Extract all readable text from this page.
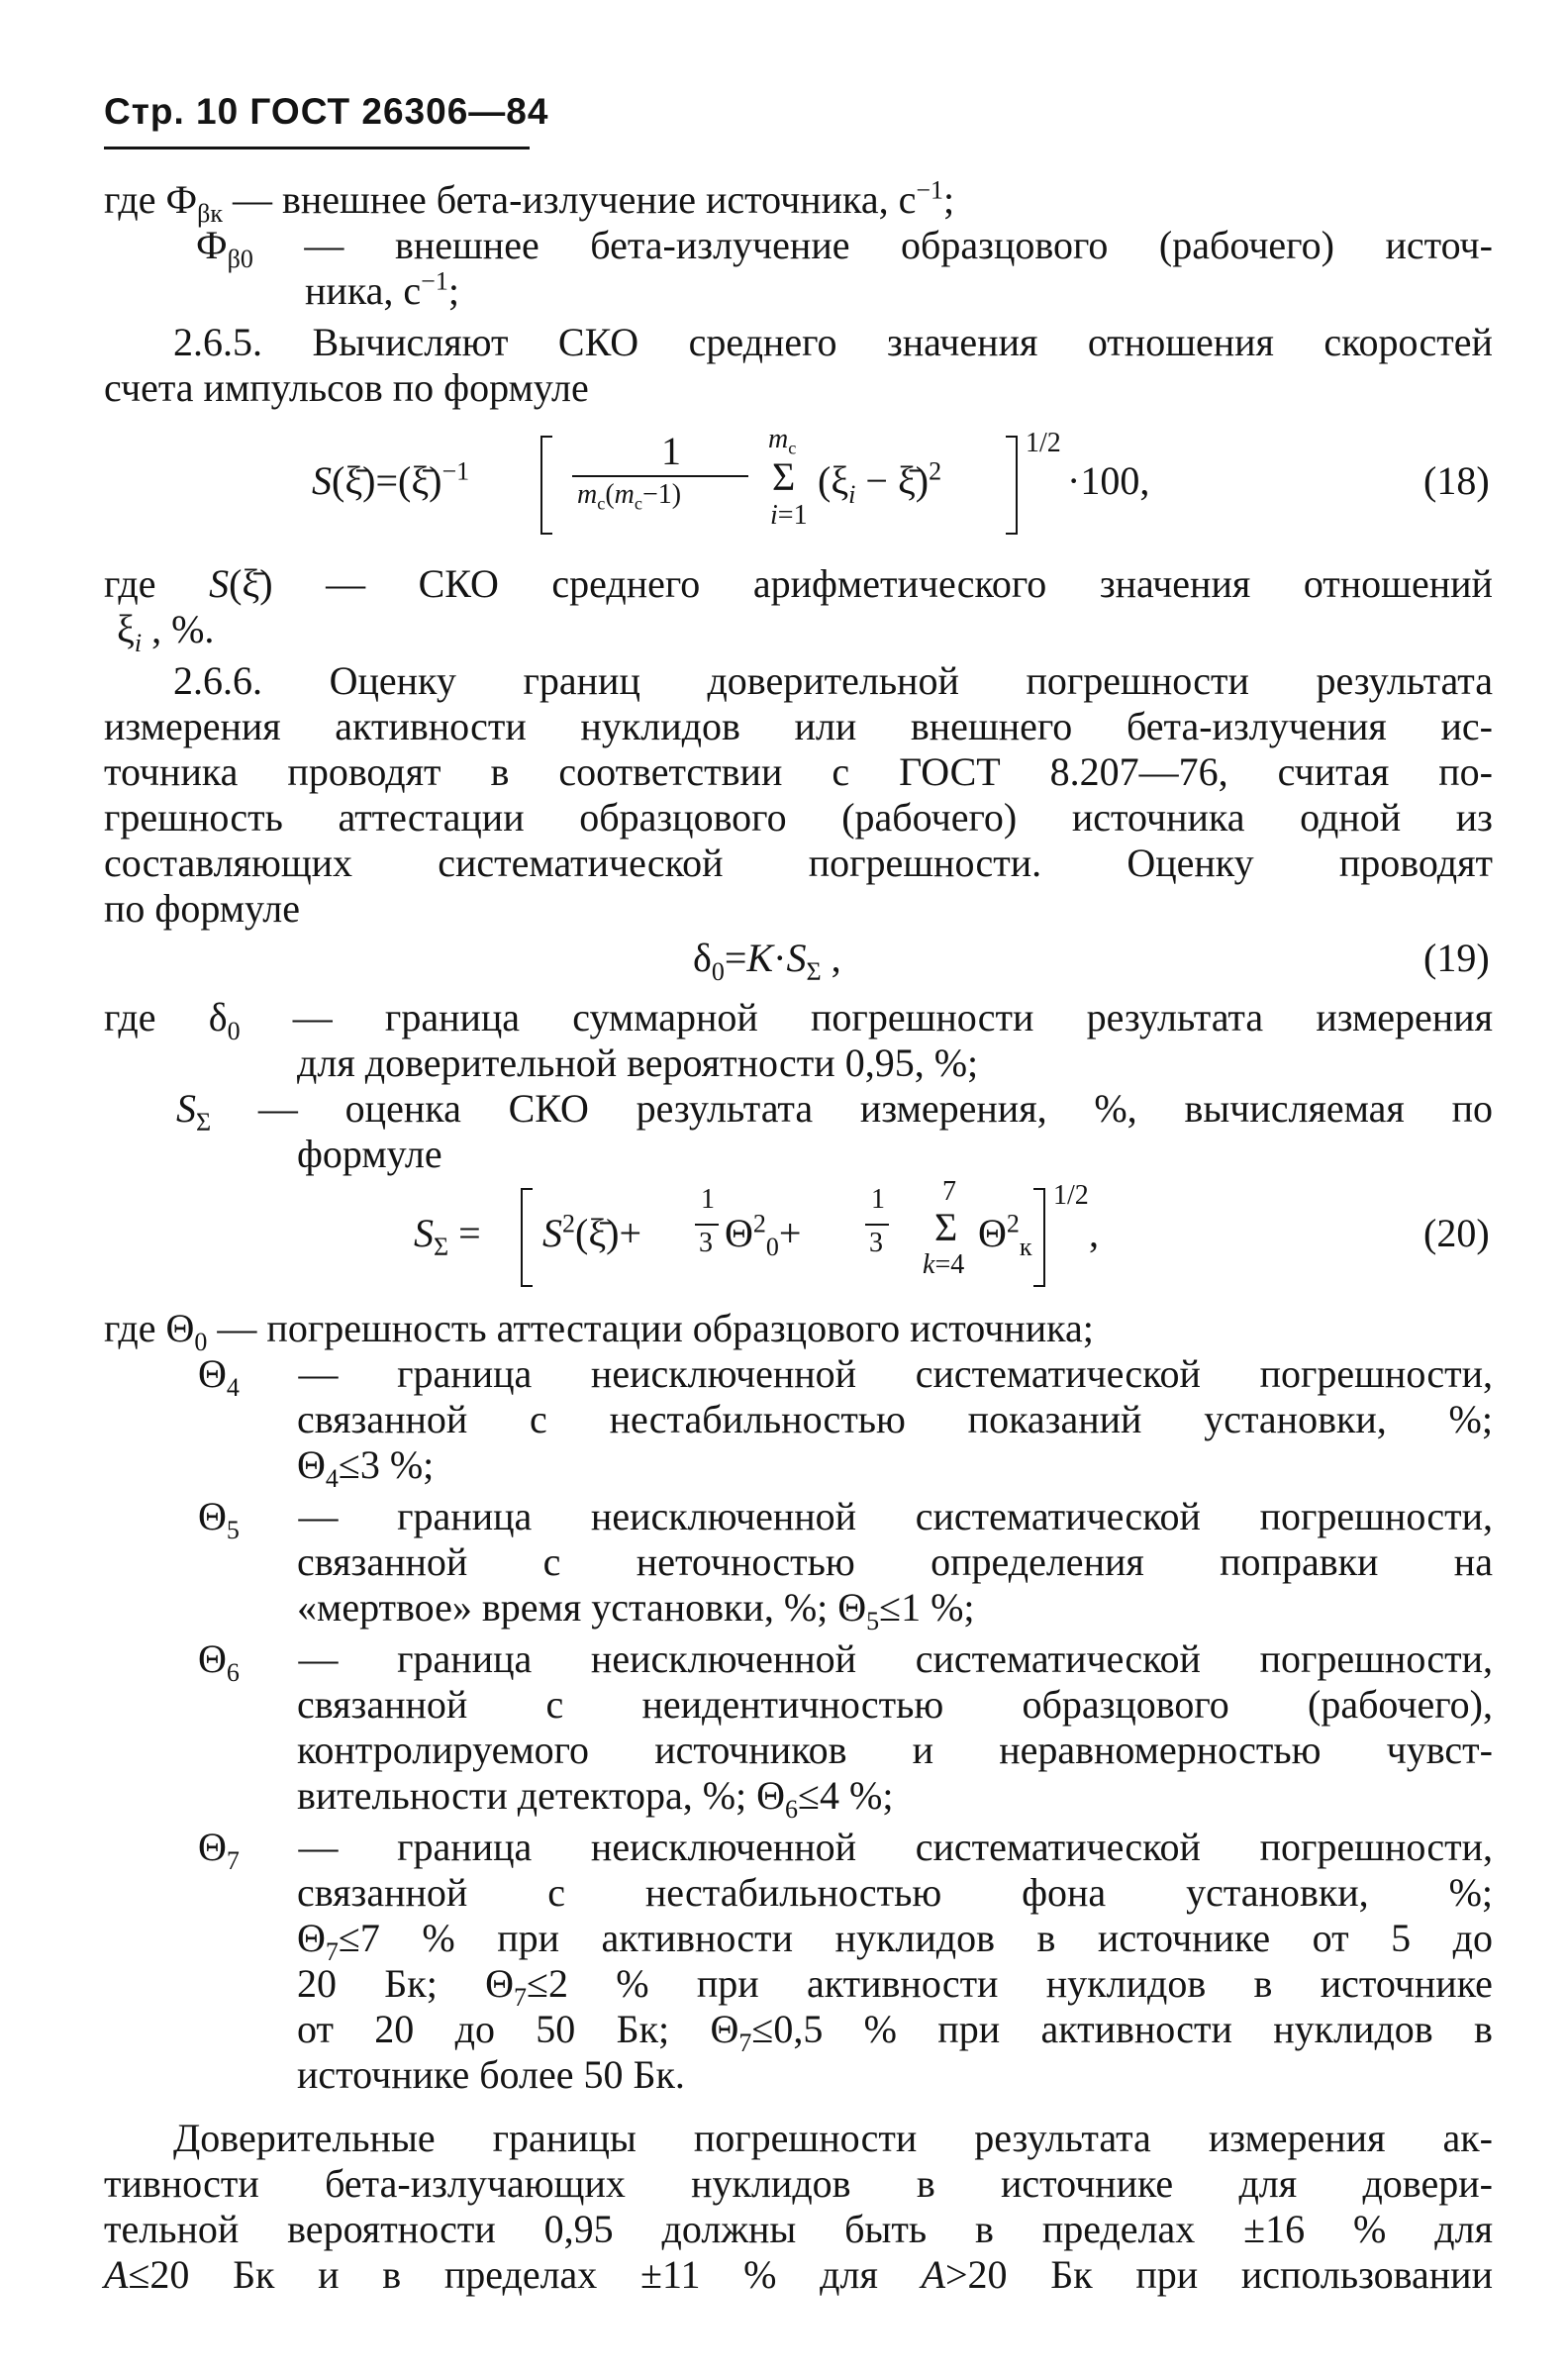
Стр. 10 ГОСТ 26306—84
где $Ф_{\beta к}$ — внешнее бета-излучение источника, $с^{-1}$;
$Ф_{\beta 0}$ — внешнее бета-излучение образцового (рабочего) источ-
ника, $с^{-1}$;
2.6.5. Вычисляют СКО среднего значения отношения скоростей
счета импульсов по формуле
S(ξ̄)=(ξ̄)$^{-1}$	1
$m_c(m_c-1)$
$m_c$
Σ
i=1
($\xi_i$ − ξ̄)$^2$
1/2
·100,	(18)
где S(ξ̄) — СКО среднего арифметического значения отношений
$\xi_i$ , %.
2.6.6. Оценку границ доверительной погрешности результата
измерения активности нуклидов или внешнего бета-излучения ис-
точника проводят в соответствии с ГОСТ 8.207—76, считая по-
грешность аттестации образцового (рабочего) источника одной из
составляющих систематической погрешности. Оценку проводят
по формуле
$\delta_0=K\cdot S_\Sigma$ ,	(19)
где $\delta_0$ — граница суммарной погрешности результата измерения
для доверительной вероятности 0,95, %;
$S_\Sigma$ — оценка СКО результата измерения, %, вычисляемая по
формуле
$S_\Sigma$ = $S^2(\xī)+$
1
3 $\Theta^2_0+$
1
3
7
Σ
k=4
$\Theta^2_к$
1/2
,	(20)
где $\Theta_0$ — погрешность аттестации образцового источника;
$\Theta_4$ — граница неисключенной систематической погрешности,
связанной с нестабильностью показаний установки, %;
$\Theta_4\le 3$ %;
$\Theta_5$ — граница неисключенной систематической погрешности,
связанной с неточностью определения поправки на
«мертвое» время установки, %; $\Theta_5\le 1$ %;
$\Theta_6$ — граница неисключенной систематической погрешности,
связанной с неидентичностью образцового (рабочего),
контролируемого источников и неравномерностью чувст-
вительности детектора, %; $\Theta_6\le 4$ %;
$\Theta_7$ — граница неисключенной систематической погрешности,
связанной с нестабильностью фона установки, %;
$\Theta_7\le 7$ % при активности нуклидов в источнике от 5 до
20 Бк; $\Theta_7\le 2$ % при активности нуклидов в источнике
от 20 до 50 Бк; $\Theta_7\le 0,5$ % при активности нуклидов в
источнике более 50 Бк.
Доверительные границы погрешности результата измерения ак-
тивности бета-излучающих нуклидов в источнике для довери-
тельной вероятности 0,95 должны быть в пределах ±16 % для
A≤20 Бк и в пределах ±11 % для A>20 Бк при использовании
